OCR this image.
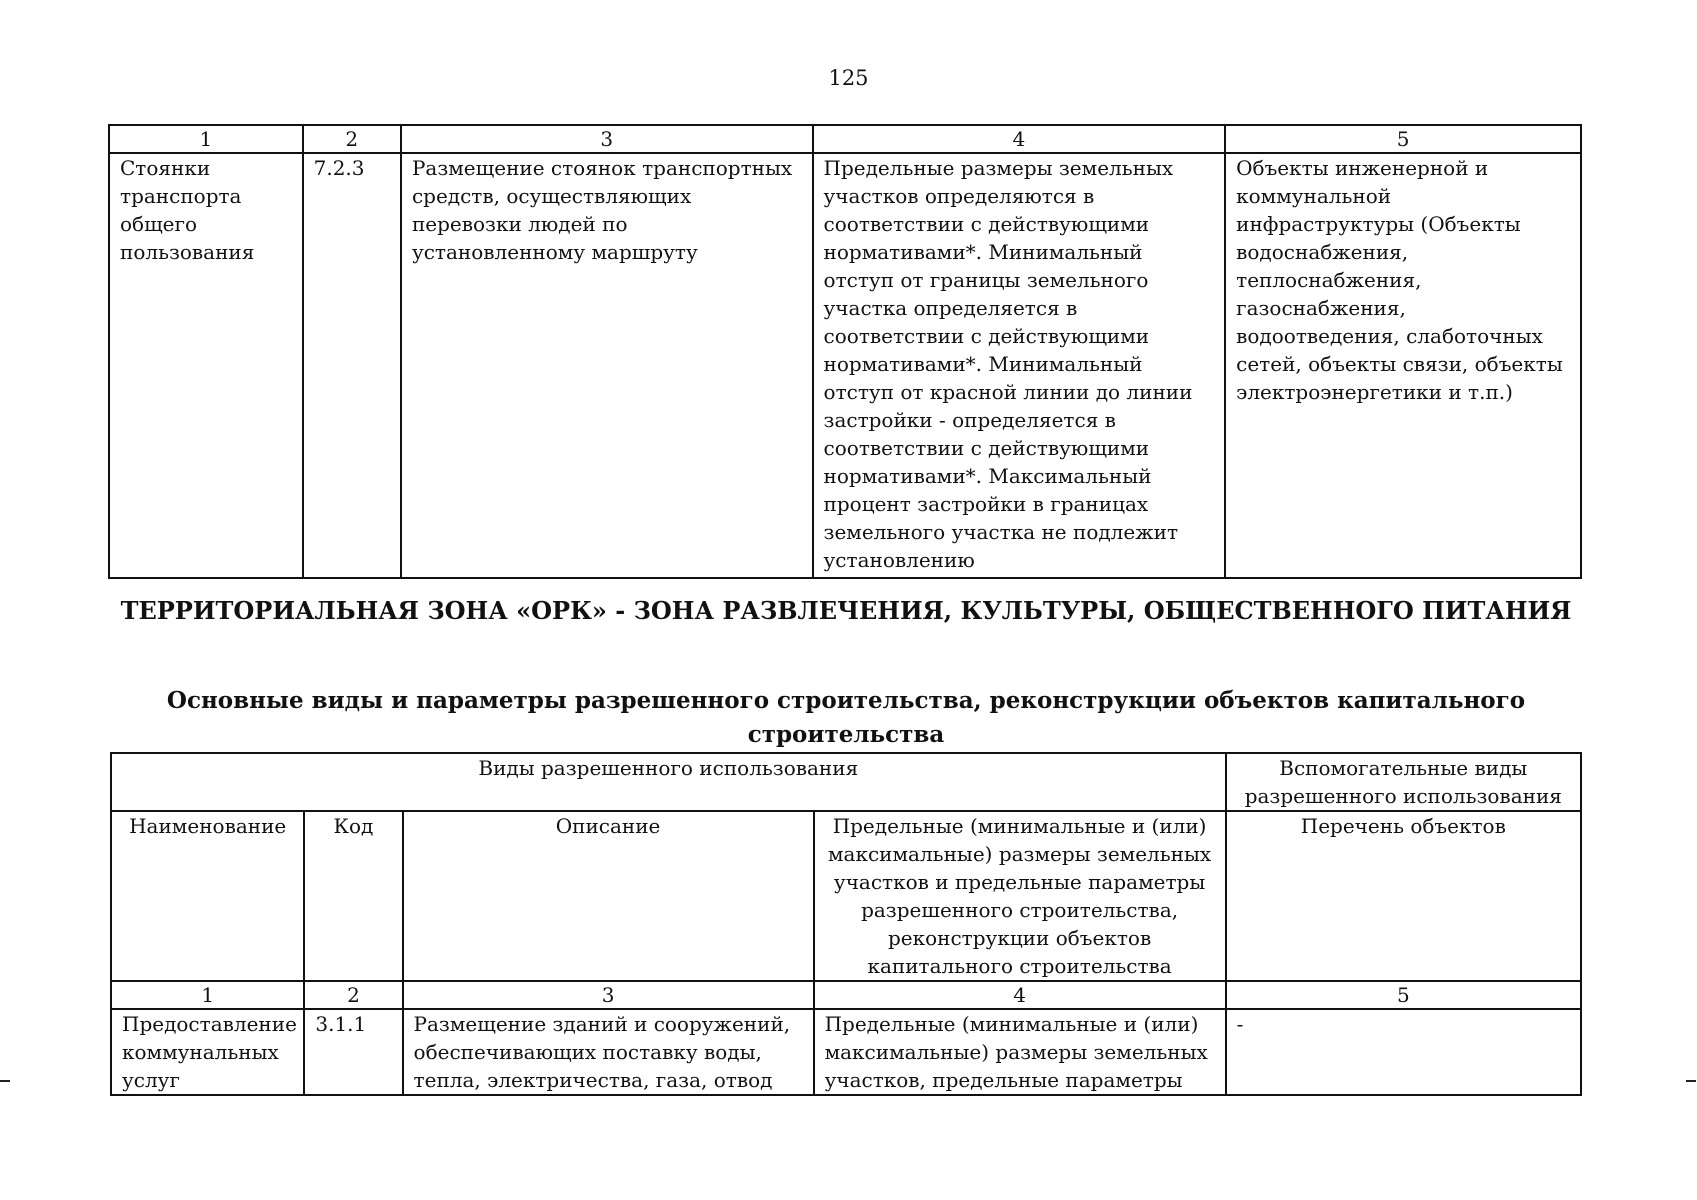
125
1	2	3	4	5
Стоянки транспорта общего пользования	7.2.3	Размещение стоянок транспортных средств, осуществляющих перевозки людей по установленному маршруту	Предельные размеры земельных участков определяются в соответствии с действующими нормативами*. Минимальный отступ от границы земельного участка определяется в соответствии с действующими нормативами*. Минимальный отступ от красной линии до линии застройки - определяется в соответствии с действующими нормативами*. Максимальный процент застройки в границах земельного участка не подлежит установлению	Объекты инженерной и коммунальной инфраструктуры (Объекты водоснабжения, теплоснабжения, газоснабжения, водоотведения, слаботочных сетей, объекты связи, объекты электроэнергетики и т.п.)
ТЕРРИТОРИАЛЬНАЯ ЗОНА «ОРК» - ЗОНА РАЗВЛЕЧЕНИЯ, КУЛЬТУРЫ, ОБЩЕСТВЕННОГО ПИТАНИЯ
Основные виды и параметры разрешенного строительства, реконструкции объектов капитального строительства
Виды разрешенного использования				Вспомогательные виды разрешенного использования
Наименование	Код	Описание	Предельные (минимальные и (или) максимальные) размеры земельных участков и предельные параметры разрешенного строительства, реконструкции объектов капитального строительства	Перечень объектов
1	2	3	4	5
Предоставление коммунальных услуг	3.1.1	Размещение зданий и сооружений, обеспечивающих поставку воды, тепла, электричества, газа, отвод	Предельные (минимальные и (или) максимальные) размеры земельных участков, предельные параметры	-
